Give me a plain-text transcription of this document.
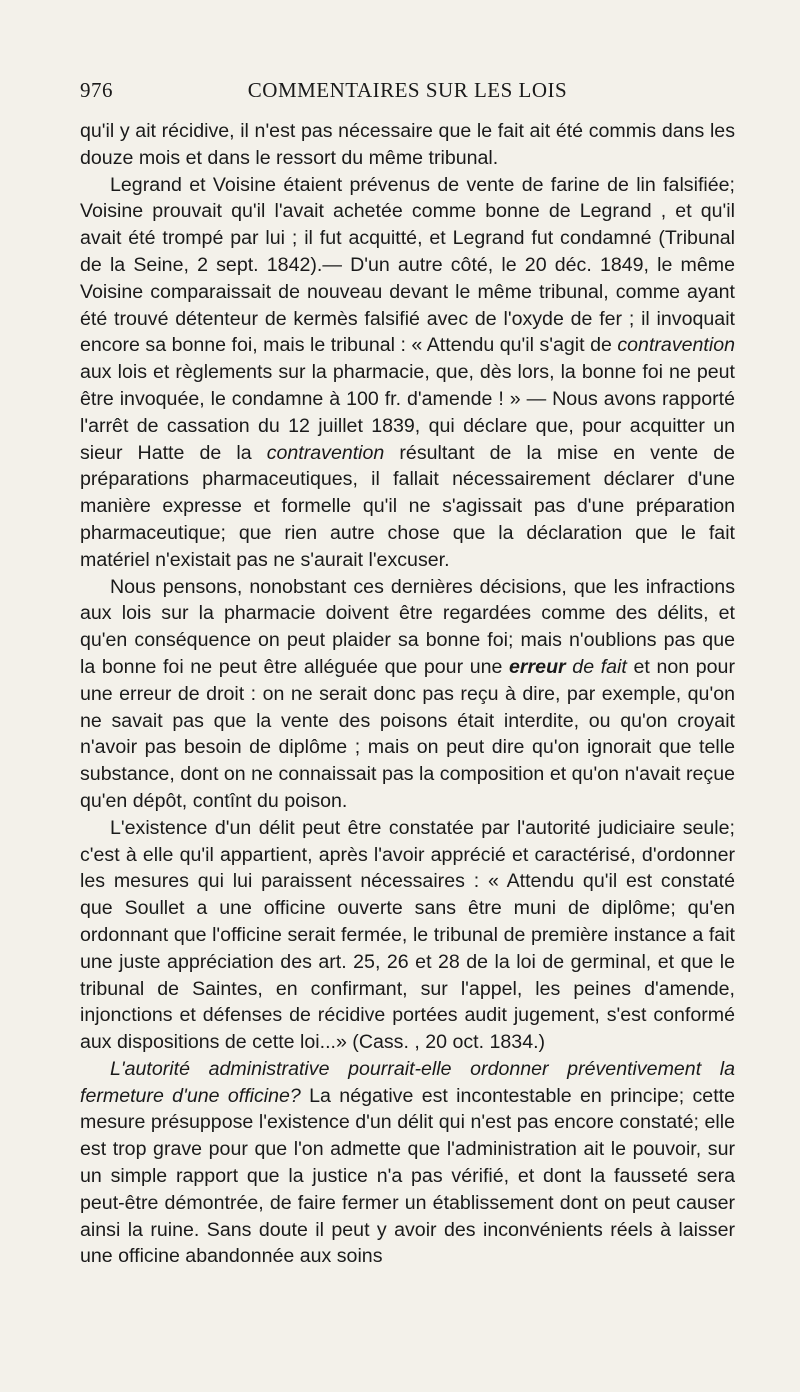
976	COMMENTAIRES SUR LES LOIS

qu'il y ait récidive, il n'est pas nécessaire que le fait ait été commis dans les douze mois et dans le ressort du même tribunal.

Legrand et Voisine étaient prévenus de vente de farine de lin falsifiée; Voisine prouvait qu'il l'avait achetée comme bonne de Legrand , et qu'il avait été trompé par lui ; il fut acquitté, et Legrand fut condamné (Tribunal de la Seine, 2 sept. 1842).— D'un autre côté, le 20 déc. 1849, le même Voisine comparaissait de nouveau devant le même tribunal, comme ayant été trouvé détenteur de kermès falsifié avec de l'oxyde de fer ; il invoquait encore sa bonne foi, mais le tribunal : « Attendu qu'il s'agit de contravention aux lois et règlements sur la pharmacie, que, dès lors, la bonne foi ne peut être invoquée, le condamne à 100 fr. d'amende ! » — Nous avons rapporté l'arrêt de cassation du 12 juillet 1839, qui déclare que, pour acquitter un sieur Hatte de la contravention résultant de la mise en vente de préparations pharmaceutiques, il fallait nécessairement déclarer d'une manière expresse et formelle qu'il ne s'agissait pas d'une préparation pharmaceutique; que rien autre chose que la déclaration que le fait matériel n'existait pas ne s'aurait l'excuser.

Nous pensons, nonobstant ces dernières décisions, que les infractions aux lois sur la pharmacie doivent être regardées comme des délits, et qu'en conséquence on peut plaider sa bonne foi; mais n'oublions pas que la bonne foi ne peut être alléguée que pour une erreur de fait et non pour une erreur de droit : on ne serait donc pas reçu à dire, par exemple, qu'on ne savait pas que la vente des poisons était interdite, ou qu'on croyait n'avoir pas besoin de diplôme ; mais on peut dire qu'on ignorait que telle substance, dont on ne connaissait pas la composition et qu'on n'avait reçue qu'en dépôt, contînt du poison.

L'existence d'un délit peut être constatée par l'autorité judiciaire seule; c'est à elle qu'il appartient, après l'avoir apprécié et caractérisé, d'ordonner les mesures qui lui paraissent nécessaires : « Attendu qu'il est constaté que Soullet a une officine ouverte sans être muni de diplôme; qu'en ordonnant que l'officine serait fermée, le tribunal de première instance a fait une juste appréciation des art. 25, 26 et 28 de la loi de germinal, et que le tribunal de Saintes, en confirmant, sur l'appel, les peines d'amende, injonctions et défenses de récidive portées audit jugement, s'est conformé aux dispositions de cette loi...» (Cass. , 20 oct. 1834.)

L'autorité administrative pourrait-elle ordonner préventivement la fermeture d'une officine? La négative est incontestable en principe; cette mesure présuppose l'existence d'un délit qui n'est pas encore constaté; elle est trop grave pour que l'on admette que l'administration ait le pouvoir, sur un simple rapport que la justice n'a pas vérifié, et dont la fausseté sera peut-être démontrée, de faire fermer un établissement dont on peut causer ainsi la ruine. Sans doute il peut y avoir des inconvénients réels à laisser une officine abandonnée aux soins
